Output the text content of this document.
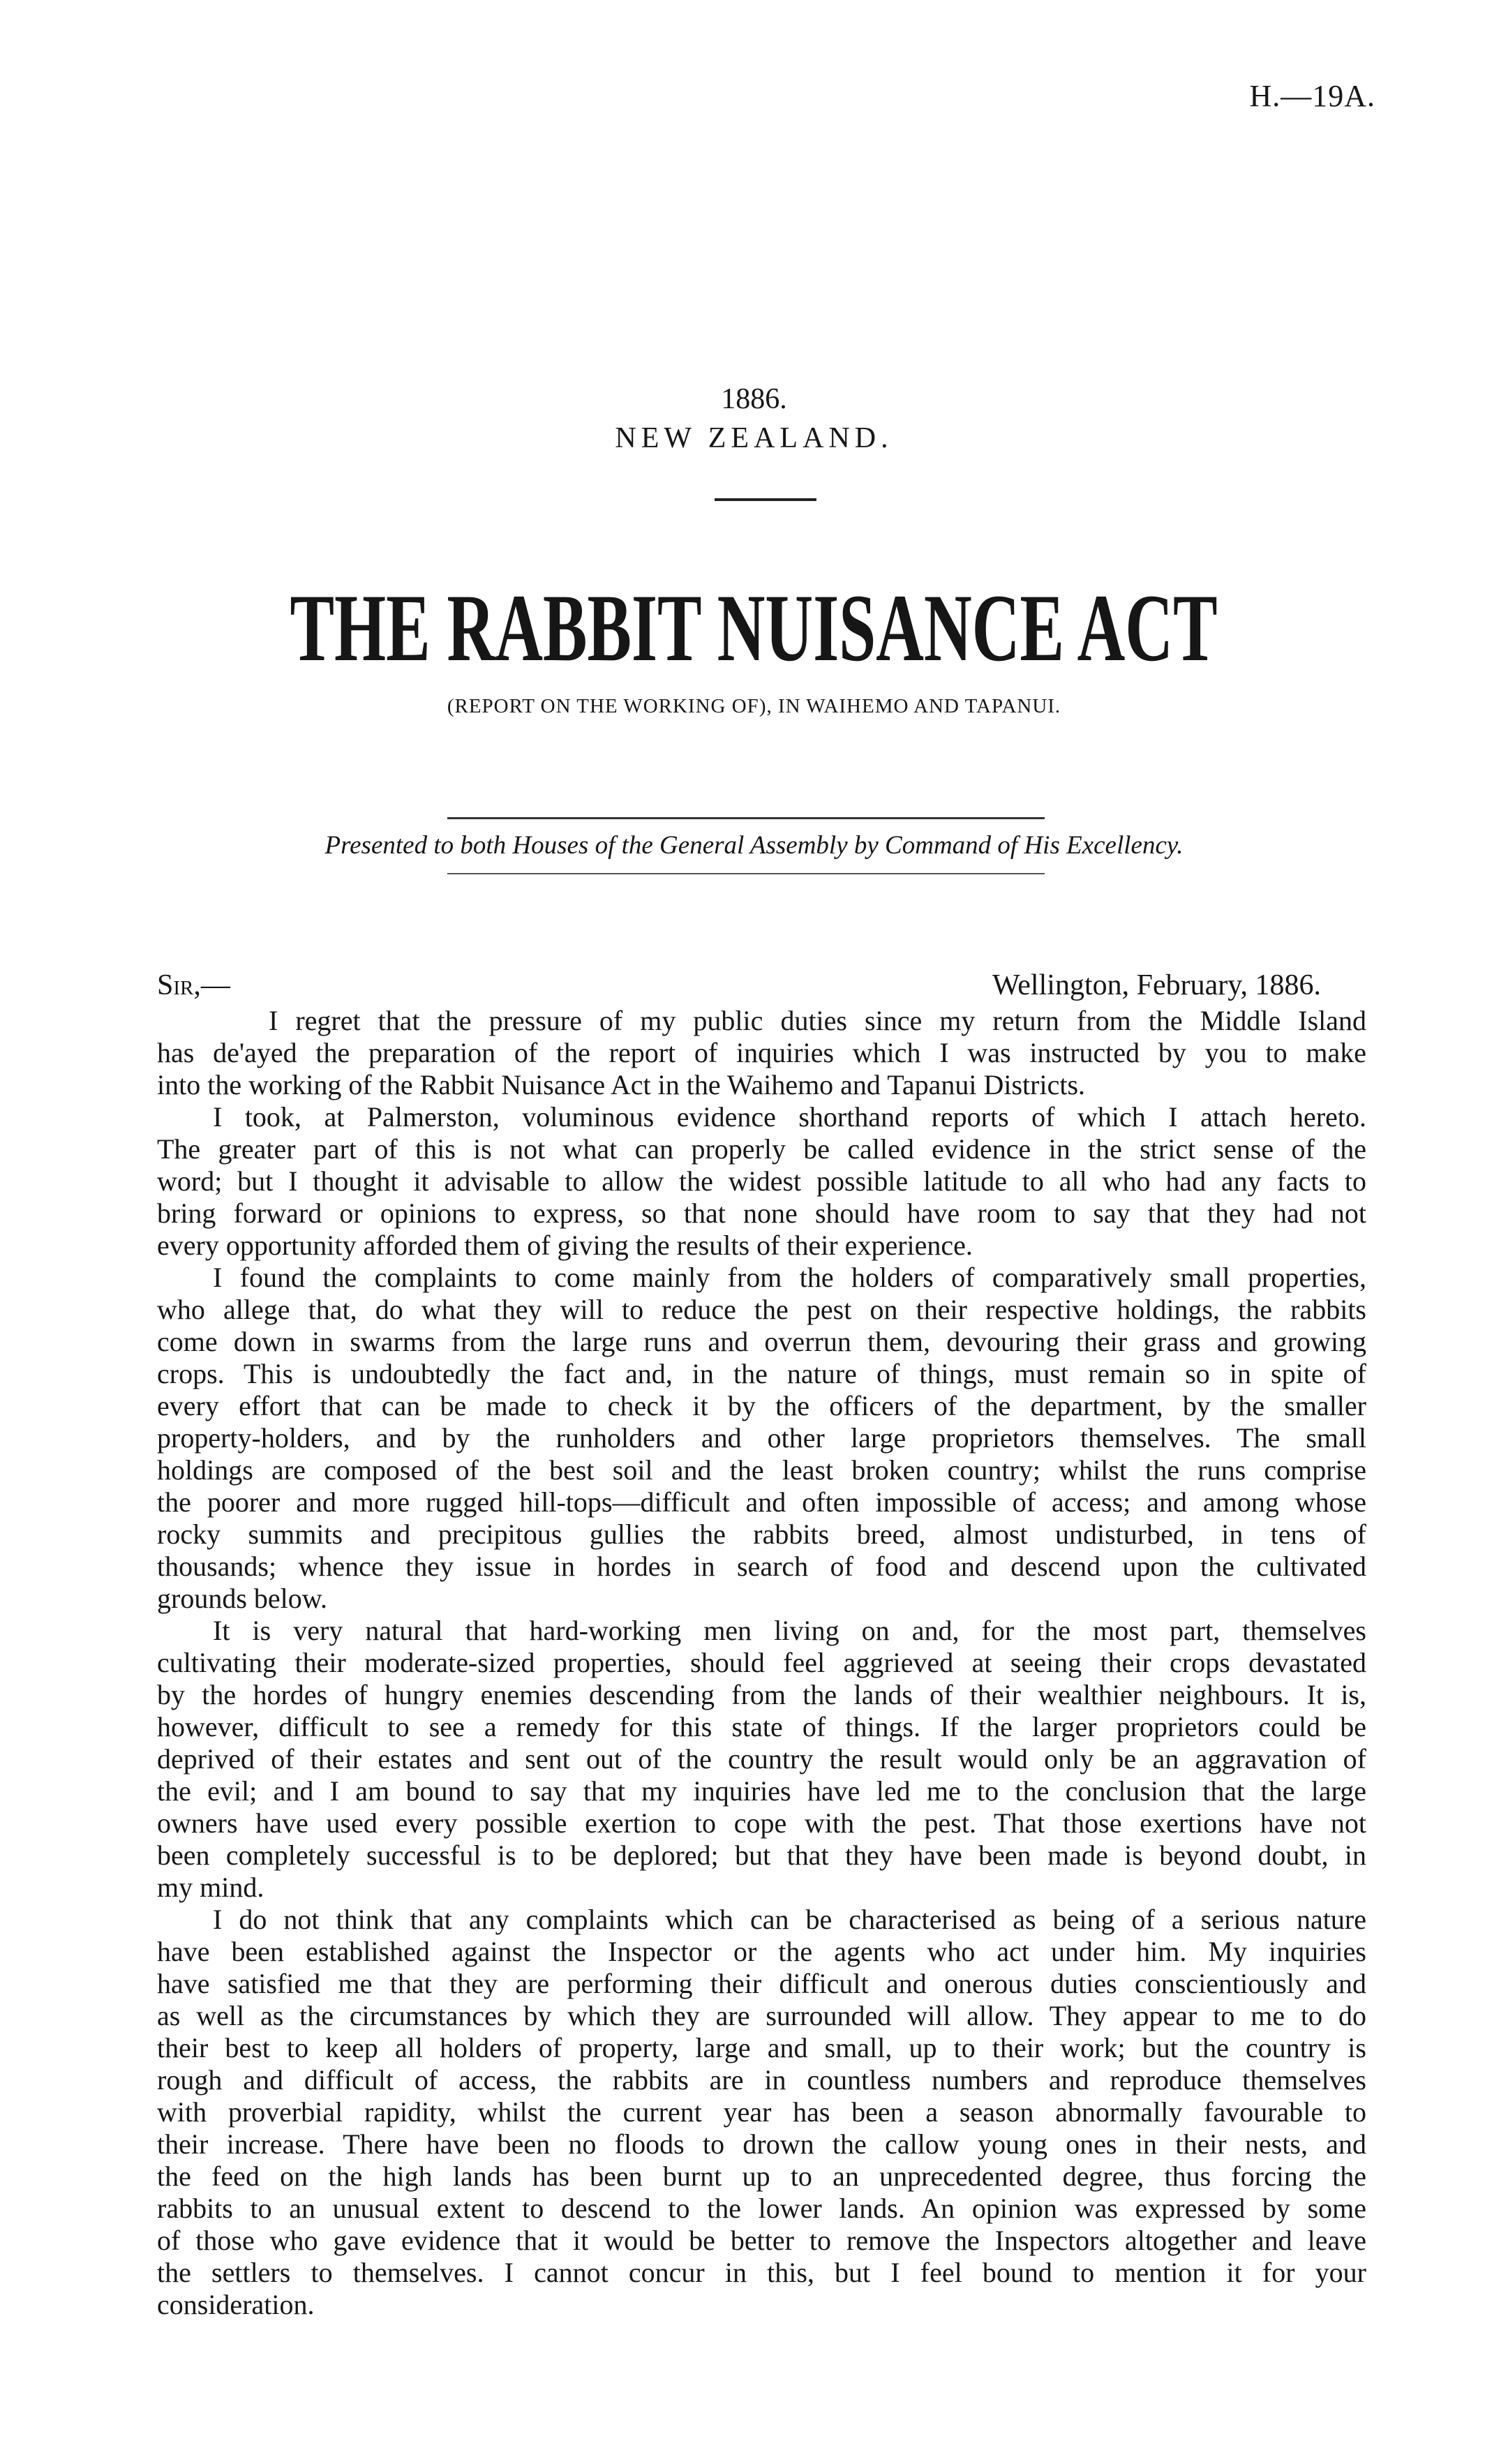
H.—19A.
1886.
NEW ZEALAND.
THE RABBIT NUISANCE ACT
(REPORT ON THE WORKING OF), IN WAIHEMO AND TAPANUI.
Presented to both Houses of the General Assembly by Command of His Excellency.
Sir,—	Wellington, February, 1886.
I regret that the pressure of my public duties since my return from the Middle Island
has de'ayed the preparation of the report of inquiries which I was instructed by you to make
into the working of the Rabbit Nuisance Act in the Waihemo and Tapanui Districts.
I took, at Palmerston, voluminous evidence shorthand reports of which I attach hereto.
The greater part of this is not what can properly be called evidence in the strict sense of the
word; but I thought it advisable to allow the widest possible latitude to all who had any facts to
bring forward or opinions to express, so that none should have room to say that they had not
every opportunity afforded them of giving the results of their experience.
I found the complaints to come mainly from the holders of comparatively small properties,
who allege that, do what they will to reduce the pest on their respective holdings, the rabbits
come down in swarms from the large runs and overrun them, devouring their grass and growing
crops. This is undoubtedly the fact and, in the nature of things, must remain so in spite of
every effort that can be made to check it by the officers of the department, by the smaller
property-holders, and by the runholders and other large proprietors themselves. The small
holdings are composed of the best soil and the least broken country; whilst the runs comprise
the poorer and more rugged hill-tops—difficult and often impossible of access; and among whose
rocky summits and precipitous gullies the rabbits breed, almost undisturbed, in tens of
thousands; whence they issue in hordes in search of food and descend upon the cultivated
grounds below.
It is very natural that hard-working men living on and, for the most part, themselves
cultivating their moderate-sized properties, should feel aggrieved at seeing their crops devastated
by the hordes of hungry enemies descending from the lands of their wealthier neighbours. It is,
however, difficult to see a remedy for this state of things. If the larger proprietors could be
deprived of their estates and sent out of the country the result would only be an aggravation of
the evil; and I am bound to say that my inquiries have led me to the conclusion that the large
owners have used every possible exertion to cope with the pest. That those exertions have not
been completely successful is to be deplored; but that they have been made is beyond doubt, in
my mind.
I do not think that any complaints which can be characterised as being of a serious nature
have been established against the Inspector or the agents who act under him. My inquiries
have satisfied me that they are performing their difficult and onerous duties conscientiously and
as well as the circumstances by which they are surrounded will allow. They appear to me to do
their best to keep all holders of property, large and small, up to their work; but the country is
rough and difficult of access, the rabbits are in countless numbers and reproduce themselves
with proverbial rapidity, whilst the current year has been a season abnormally favourable to
their increase. There have been no floods to drown the callow young ones in their nests, and
the feed on the high lands has been burnt up to an unprecedented degree, thus forcing the
rabbits to an unusual extent to descend to the lower lands. An opinion was expressed by some
of those who gave evidence that it would be better to remove the Inspectors altogether and leave
the settlers to themselves. I cannot concur in this, but I feel bound to mention it for your
consideration.
